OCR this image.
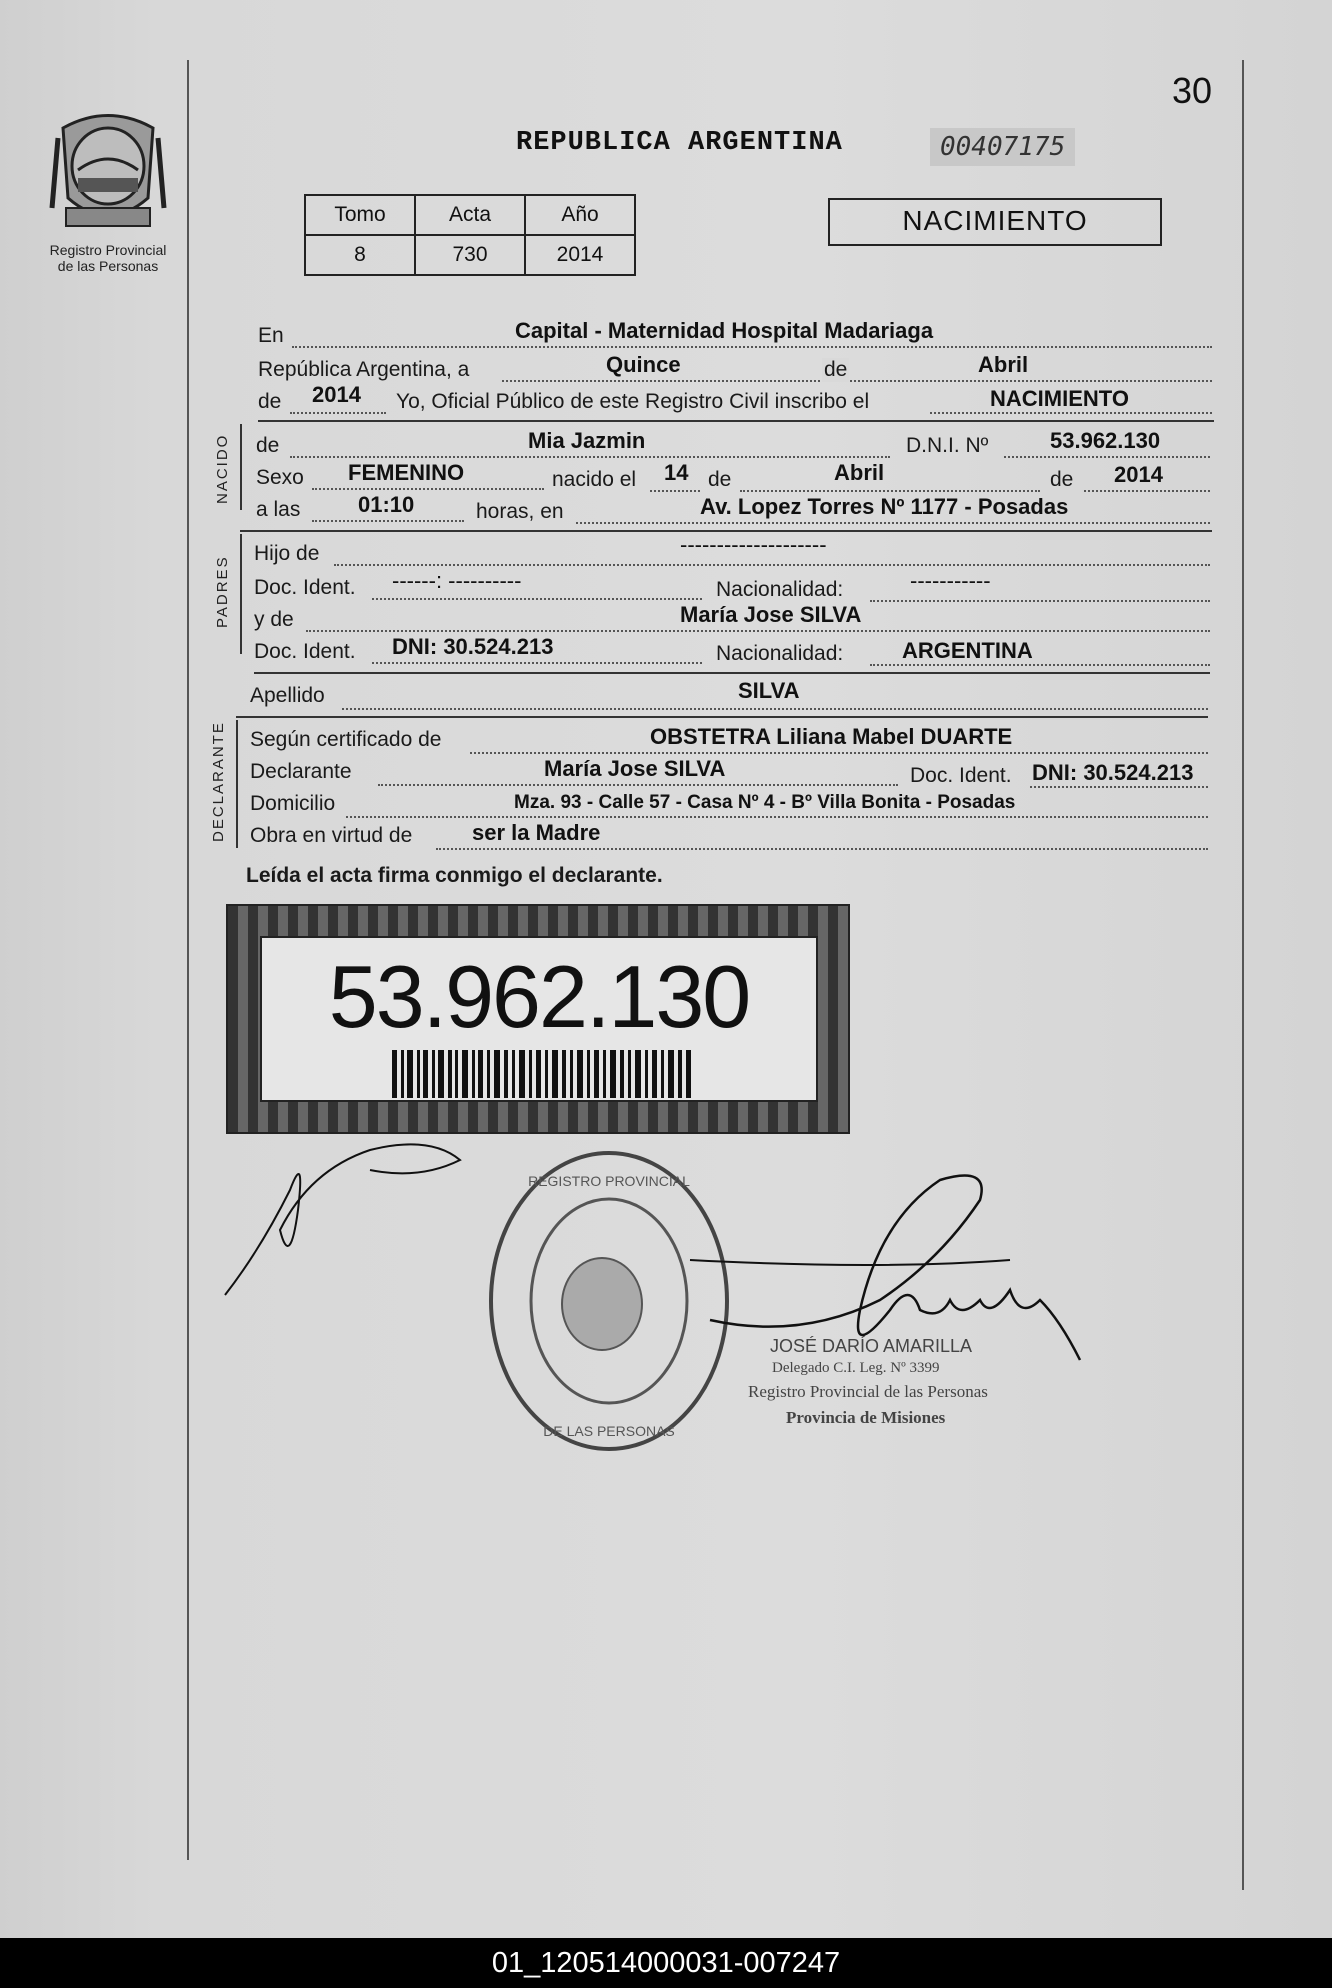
30
Registro Provincial
de las Personas
REPUBLICA ARGENTINA	00407175
Tomo	Acta	Año
8	730	2014
NACIMIENTO
En	Capital - Maternidad Hospital Madariaga
República Argentina, a	Quince	de	Abril
de 2014 Yo, Oficial Público de este Registro Civil inscribo el	NACIMIENTO
NACIDO de	Mia Jazmin	D.N.I. Nº	53.962.130
Sexo FEMENINO	nacido el 14 de	Abril	de 2014
a las	01:10	horas, en	Av. Lopez Torres Nº 1177 - Posadas
PADRES
Hijo de	--------------------
Doc. Ident. ------: ----------	Nacionalidad:	-----------
y de	María Jose SILVA
Doc. Ident. DNI: 30.524.213	Nacionalidad:	ARGENTINA
Apellido	SILVA
DECLARANTE Según certificado de	OBSTETRA Liliana Mabel DUARTE
Declarante	María Jose SILVA	Doc. Ident. DNI: 30.524.213
Domicilio	Mza. 93 - Calle 57 - Casa Nº 4 - Bº Villa Bonita - Posadas
Obra en virtud de	ser la Madre
Leída el acta firma conmigo el declarante.
53.962.130
REGISTRO PROVINCIAL
DE LAS PERSONAS
JOSÉ DARÍO AMARILLA
Delegado C.I. Leg. Nº 3399
Registro Provincial de las Personas
Provincia de Misiones
01_120514000031-007247
